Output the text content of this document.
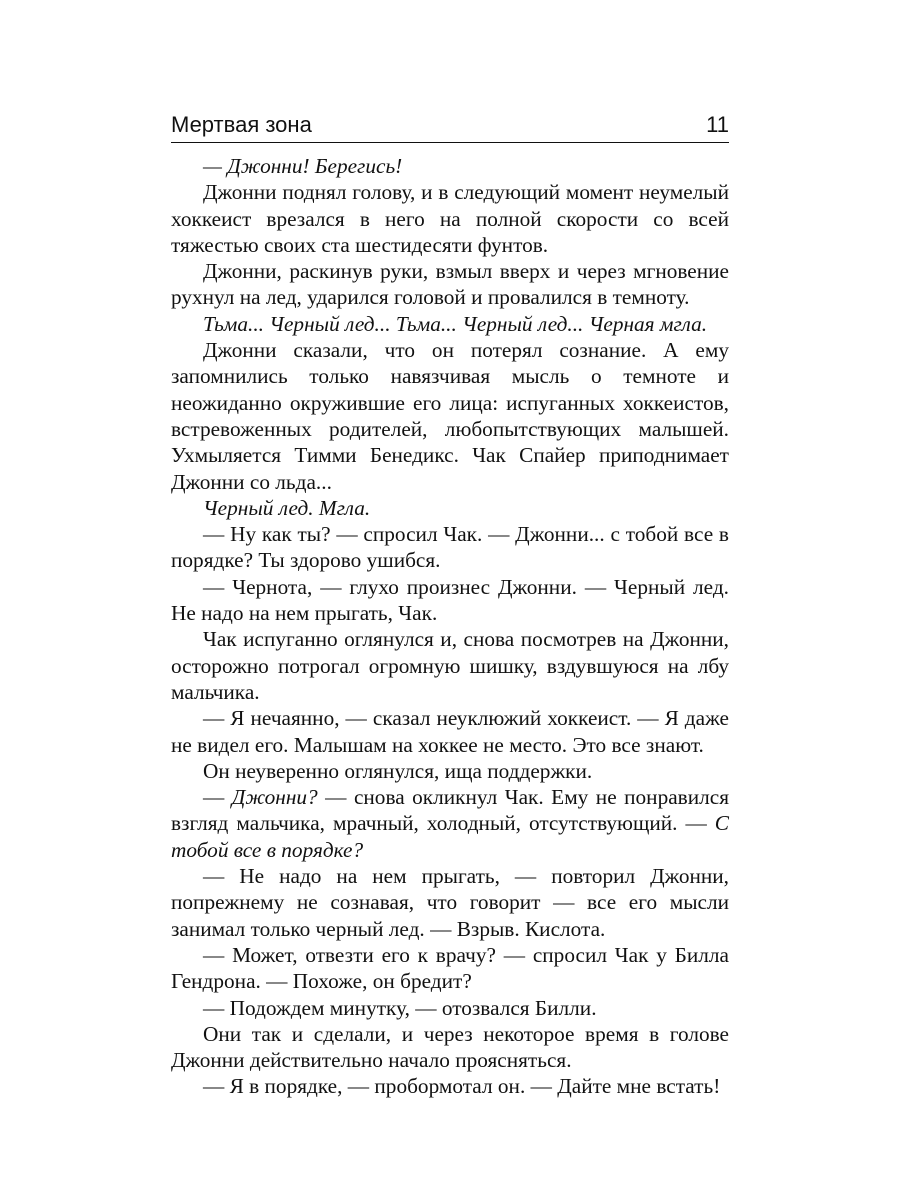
Мертвая зона	11

— Джонни! Берегись!

Джонни поднял голову, и в следующий момент неумелый хоккеист врезался в него на полной скорости со всей тяжестью своих ста шестидесяти фунтов.

Джонни, раскинув руки, взмыл вверх и через мгновение рухнул на лед, ударился головой и провалился в темноту.

Тьма... Черный лед... Тьма... Черный лед... Черная мгла.

Джонни сказали, что он потерял сознание. А ему запомнились только навязчивая мысль о темноте и неожиданно окружившие его лица: испуганных хоккеистов, встревоженных родителей, любопытствующих малышей. Ухмыляется Тимми Бенедикс. Чак Спайер приподнимает Джонни со льда...

Черный лед. Мгла.

— Ну как ты? — спросил Чак. — Джонни... с тобой все в порядке? Ты здорово ушибся.

— Чернота, — глухо произнес Джонни. — Черный лед. Не надо на нем прыгать, Чак.

Чак испуганно оглянулся и, снова посмотрев на Джонни, осторожно потрогал огромную шишку, вздувшуюся на лбу мальчика.

— Я нечаянно, — сказал неуклюжий хоккеист. — Я даже не видел его. Малышам на хоккее не место. Это все знают.

Он неуверенно оглянулся, ища поддержки.

— Джонни? — снова окликнул Чак. Ему не понравился взгляд мальчика, мрачный, холодный, отсутствующий. — С тобой все в порядке?

— Не надо на нем прыгать, — повторил Джонни, попрежнему не сознавая, что говорит — все его мысли занимал только черный лед. — Взрыв. Кислота.

— Может, отвезти его к врачу? — спросил Чак у Билла Гендрона. — Похоже, он бредит?

— Подождем минутку, — отозвался Билли.

Они так и сделали, и через некоторое время в голове Джонни действительно начало проясняться.

— Я в порядке, — пробормотал он. — Дайте мне встать!
